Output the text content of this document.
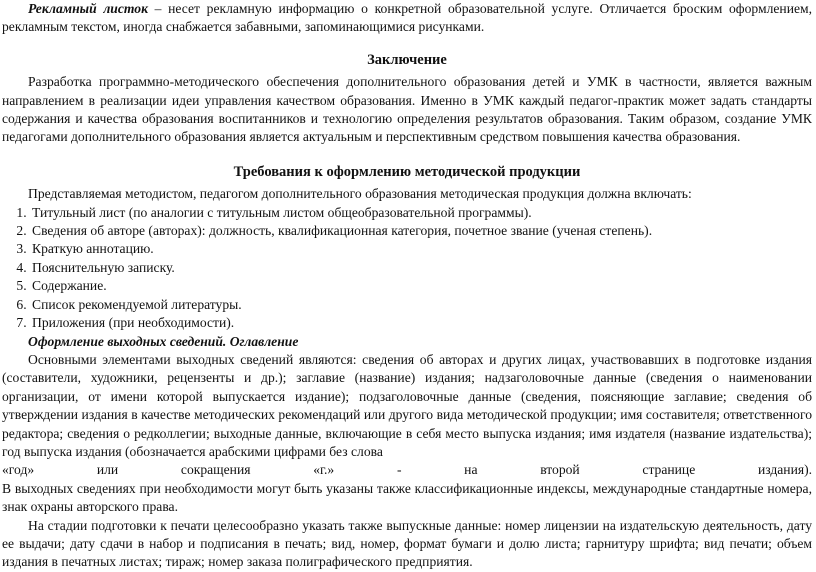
Рекламный листок – несет рекламную информацию о конкретной образовательной услуге. Отличается броским оформлением, рекламным текстом, иногда снабжается забавными, запоминающимися рисунками.

Заключение

Разработка программно-методического обеспечения дополнительного образования детей и УМК в частности, является важным направлением в реализации идеи управления качеством образования. Именно в УМК каждый педагог-практик может задать стандарты содержания и качества образования воспитанников и технологию определения результатов образования. Таким образом, создание УМК педагогами дополнительного образования является актуальным и перспективным средством повышения качества образования.

Требования к оформлению методической продукции

Представляемая методистом, педагогом дополнительного образования методическая продукция должна включать:

1. Титульный лист (по аналогии с титульным листом общеобразовательной программы).
2. Сведения об авторе (авторах): должность, квалификационная категория, почетное звание (ученая степень).
3. Краткую аннотацию.
4. Пояснительную записку.
5. Содержание.
6. Список рекомендуемой литературы.
7. Приложения (при необходимости).
Оформление выходных сведений. Оглавление

Основными элементами выходных сведений являются: сведения об авторах и других лицах, участвовавших в подготовке издания (составители, художники, рецензенты и др.); заглавие (название) издания; надзаголовочные данные (сведения о наименовании организации, от имени которой выпускается издание); подзаголовочные данные (сведения, поясняющие заглавие; сведения об утверждении издания в качестве методических рекомендаций или другого вида методической продукции; имя составителя; ответственного редактора; сведения о редколлегии; выходные данные, включающие в себя место выпуска издания; имя издателя (название издательства); год выпуска издания (обозначается арабскими цифрами без слова

«год»	или	сокращения	«г.»	-	на	второй	странице	издания).

В выходных сведениях при необходимости могут быть указаны также классификационные индексы, международные стандартные номера, знак охраны авторского права.

На стадии подготовки к печати целесообразно указать также выпускные данные: номер лицензии на издательскую деятельность, дату ее выдачи; дату сдачи в набор и подписания в печать; вид, номер, формат бумаги и долю листа; гарнитуру шрифта; вид печати; объем издания в печатных листах; тираж; номер заказа полиграфического предприятия.
